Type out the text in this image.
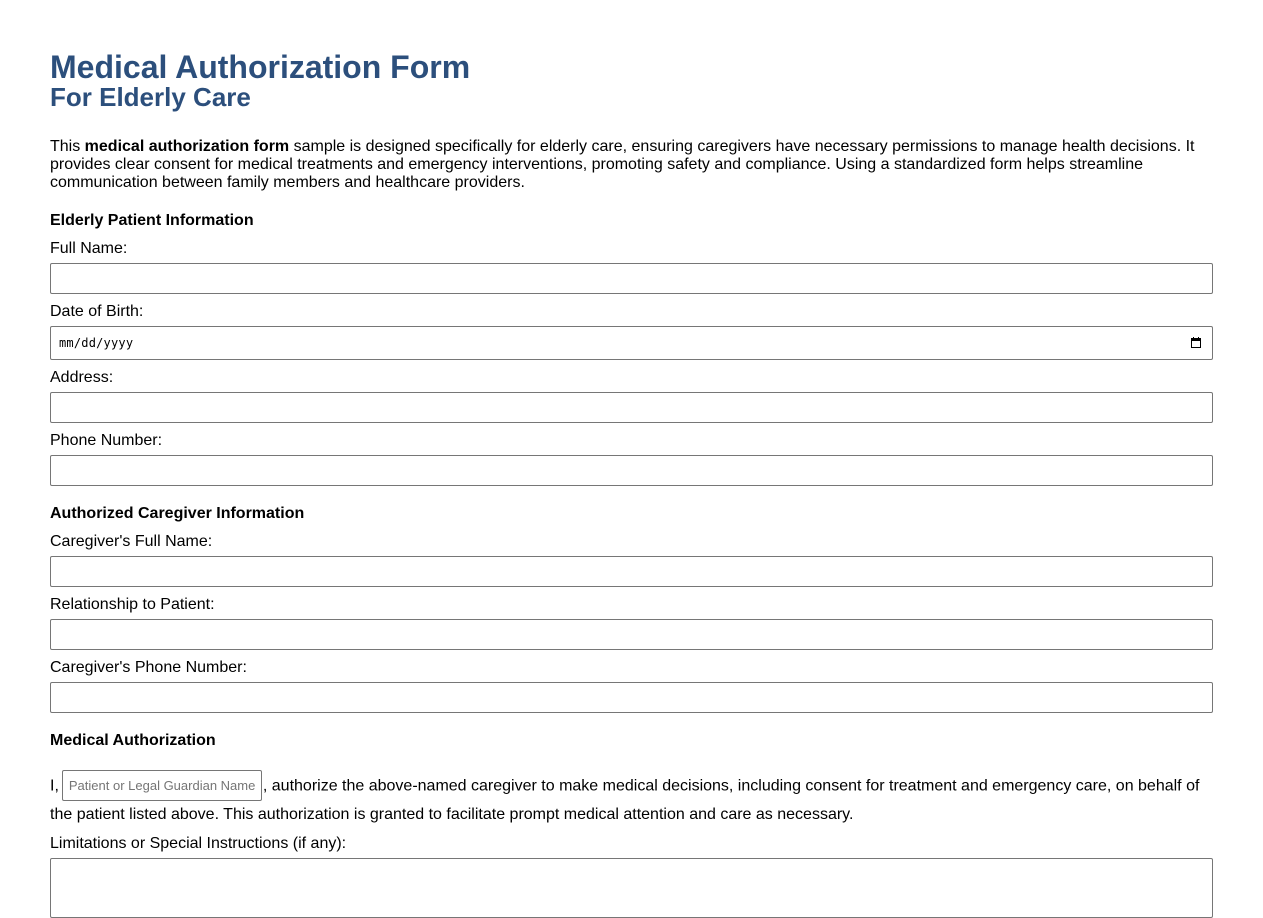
Medical Authorization Form
For Elderly Care

This medical authorization form sample is designed specifically for elderly care, ensuring caregivers have necessary permissions to manage health decisions. It provides clear consent for medical treatments and emergency interventions, promoting safety and compliance. Using a standardized form helps streamline communication between family members and healthcare providers.

Elderly Patient Information
Full Name:
Date of Birth:
mm/dd/yyyy
Address:
Phone Number:
Authorized Caregiver Information
Caregiver's Full Name:
Relationship to Patient:
Caregiver's Phone Number:
Medical Authorization

I,Patient or Legal Guardian Name	, authorize the above-named caregiver to make medical decisions, including consent for treatment and emergency care, on behalf of the patient listed above. This authorization is granted to facilitate prompt medical attention and care as necessary.

Limitations or Special Instructions (if any):
